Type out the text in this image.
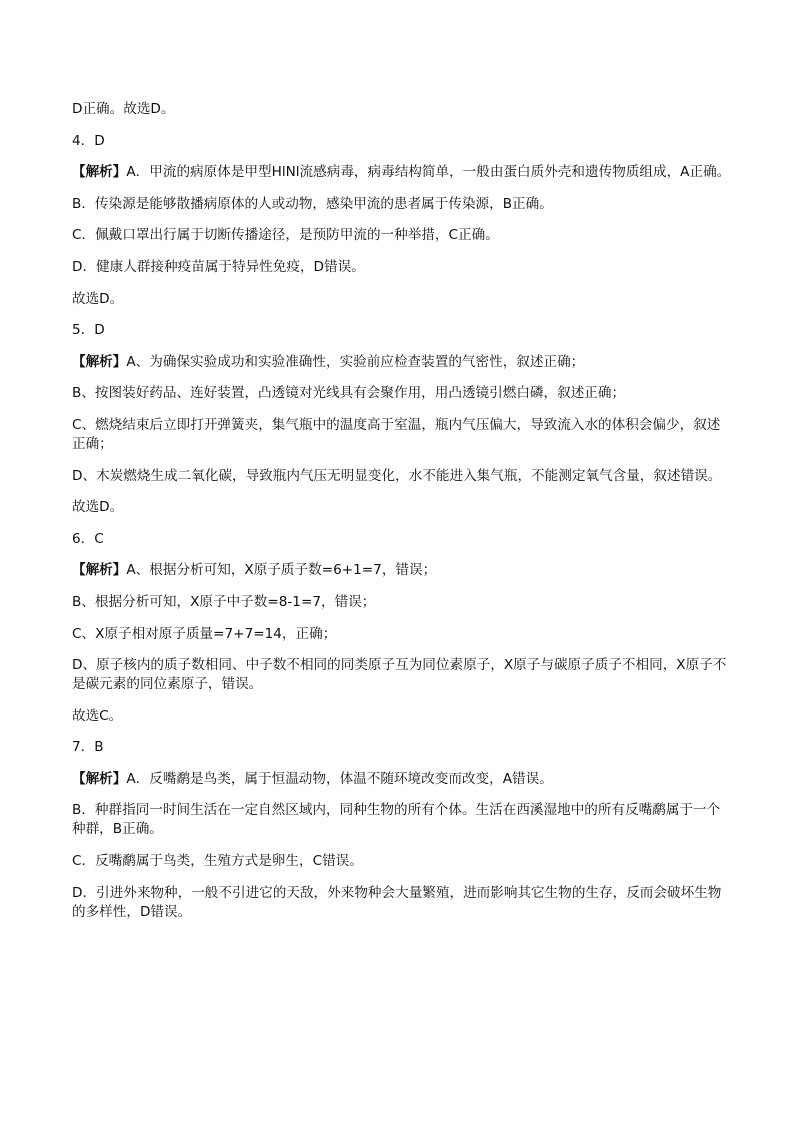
D正确。故选D。

4．D

【解析】A．甲流的病原体是甲型HlNl流感病毒，病毒结构简单，一般由蛋白质外壳和遗传物质组成，A正确。

B．传染源是能够散播病原体的人或动物，感染甲流的患者属于传染源，B正确。

C．佩戴口罩出行属于切断传播途径，是预防甲流的一种举措，C正确。

D．健康人群接种疫苗属于特异性免疫，D错误。

故选D。

5．D

【解析】A、为确保实验成功和实验准确性，实验前应检查装置的气密性，叙述正确；

B、按图装好药品、连好装置，凸透镜对光线具有会聚作用，用凸透镜引燃白磷，叙述正确；

C、燃烧结束后立即打开弹簧夹，集气瓶中的温度高于室温，瓶内气压偏大，导致流入水的体积会偏少，叙述正确；

D、木炭燃烧生成二氧化碳，导致瓶内气压无明显变化，水不能进入集气瓶，不能测定氧气含量，叙述错误。

故选D。

6．C

【解析】A、根据分析可知，X原子质子数=6+1=7，错误；

B、根据分析可知，X原子中子数=8-1=7，错误；

C、X原子相对原子质量=7+7=14，正确；

D、原子核内的质子数相同、中子数不相同的同类原子互为同位素原子，X原子与碳原子质子不相同，X原子不是碳元素的同位素原子，错误。

故选C。

7．B

【解析】A．反嘴鹬是鸟类，属于恒温动物，体温不随环境改变而改变，A错误。

B．种群指同一时间生活在一定自然区域内，同种生物的所有个体。生活在西溪湿地中的所有反嘴鹬属于一个种群，B正确。

C．反嘴鹬属于鸟类，生殖方式是卵生，C错误。

D．引进外来物种，一般不引进它的天敌，外来物种会大量繁殖，进而影响其它生物的生存，反而会破坏生物的多样性，D错误。
